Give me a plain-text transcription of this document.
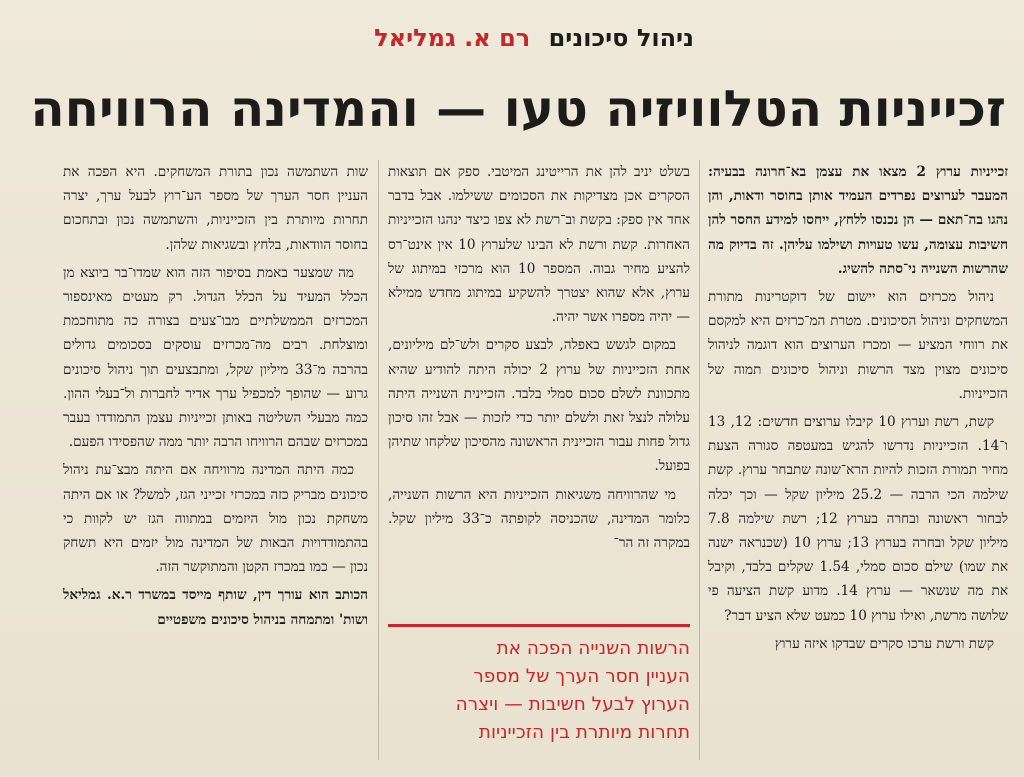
ניהול סיכונים רם א. גמליאל
זכייניות הטלוויזיה טעו — והמדינה הרוויחה

זכייניות ערוץ 2 מצאו את עצמן בא־חרונה בבעיה: המעבר לערוצים נפרדים העמיד אותן בחוסר ודאות, והן נהגו בה־תאם — הן נכנסו ללחץ, ייחסו למידע החסר להן חשיבות עצומה, עשו טעויות ושילמו עליהן. זה בדיוק מה שהרשות השנייה ני־סתה להשיג.

ניהול מכרזים הוא יישום של דוקטרינות מתורת המשחקים וניהול הסיכונים. מטרת המ־כרזים היא למקסם את רווחי המציע — ומכרז הערוצים הוא דוגמה לניהול סיכונים מצוין מצד הרשות וניהול סיכונים תמוה של הזכייניות.

קשת, רשת וערוץ 10 קיבלו ערוצים חדשים: 12, 13 ו־14. הזכייניות נדרשו להגיש במעטפה סגורה הצעת מחיר תמורת הזכות להיות הרא־שונה שתבחר ערוץ. קשת שילמה הכי הרבה — 25.2 מיליון שקל — וכך יכלה לבחור ראשונה ובחרה בערוץ 12; רשת שילמה 7.8 מיליון שקל ובחרה בערוץ 13; ערוץ 10 (שכנראה ישנה את שמו) שילם סכום סמלי, 1.54 שקלים בלבד, וקיבל את מה שנשאר — ערוץ 14. מדוע קשת הציעה פי שלושה מרשת, ואילו ערוץ 10 כמעט שלא הציע דבר?

קשת ורשת ערכו סקרים שבדקו איזה ערוץ

בשלט יניב להן את הרייטינג המיטבי. ספק אם תוצאות הסקרים אכן מצדיקות את הסכומים ששילמו. אבל בדבר אחד אין ספק: בקשת וב־רשת לא צפו כיצד ינהגו הזכייניות האחרות. קשת ורשת לא הבינו שלערוץ 10 אין אינט־רס להציע מחיר גבוה. המספר 10 הוא מרכזי במיתוג של ערוץ, אלא שהוא יצטרך להשקיע במיתוג מחדש ממילא — יהיה מספרו אשר יהיה.

במקום לגשש באפלה, לבצע סקרים ולש־לם מיליונים, אחת הזכייניות של ערוץ 2 יכולה היתה להודיע שהיא מתכוונת לשלם סכום סמלי בלבד. הזכיינית השנייה היתה עלולה לנצל זאת ולשלם יותר כדי לזכות — אבל זהו סיכון גדול פחות עבור הזכיינית הראשונה מהסיכון שלקחו שתיהן בפועל.

מי שהרוויחה משגיאות הזכייניות היא הרשות השנייה, כלומר המדינה, שהכניסה לקופתה כ־33 מיליון שקל. במקרה זה הר־

הרשות השנייה הפכה את
העניין חסר הערך של מספר
הערוץ לבעל חשיבות — ויצרה
תחרות מיותרת בין הזכייניות

שות השתמשה נכון בתורת המשחקים. היא הפכה את העניין חסר הערך של מספר הע־רוץ לבעל ערך, יצרה תחרות מיותרת בין הזכייניות, והשתמשה נכון ובתחכום בחוסר הוודאות, בלחץ ובשגיאות שלהן.

מה שמצער באמת בסיפור הזה הוא שמדו־בר ביוצא מן הכלל המעיד על הכלל הגדול. רק מעטים מאינספור המכרזים הממשלתיים מבו־צעים בצורה כה מתוחכמת ומוצלחת. רבים מה־מכרזים עוסקים בסכומים גדולים בהרבה מ־33 מיליון שקל, ומתבצעים תוך ניהול סיכונים גרוע — שהופך למכפיל ערך אדיר לחברות ול־בעלי ההון. כמה מבעלי השליטה באותן זכייניות עצמן התמודדו בעבר במכרזים שבהם הרוויחו הרבה יותר ממה שהפסידו הפעם.

כמה היתה המדינה מרוויחה אם היתה מבצ־עת ניהול סיכונים מבריק כזה במכרזי זכייני הגז, למשל? או אם היתה משחקת נכון מול היזמים במתווה הגז יש לקוות כי בהתמודדויות הבאות של המדינה מול יזמים היא תשחק נכון — כמו במכרז הקטן והמתוקשר הזה.

הכותב הוא עורך דין, שותף מייסד במשרד ר.א. גמליאל ושות' ומתמחה בניהול סיכונים משפטיים
